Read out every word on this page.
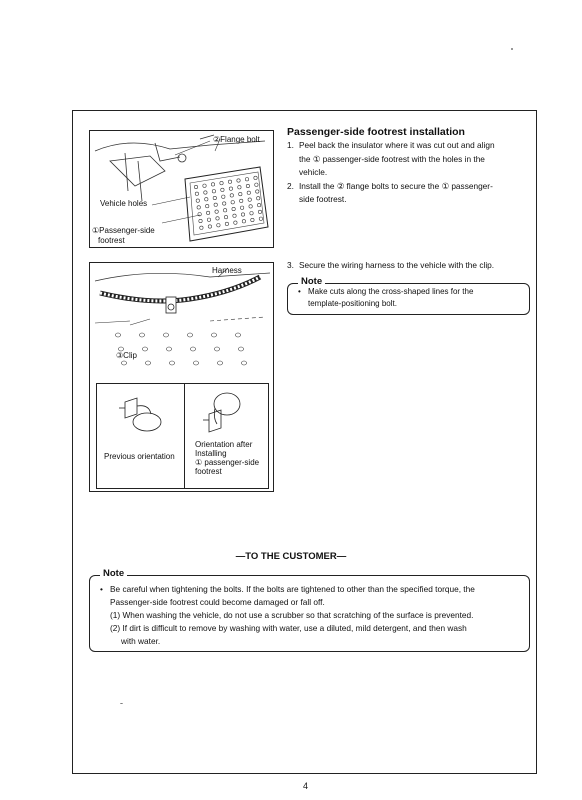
②Flange bolt
Vehicle holes
①Passenger-side
footrest
Harness
③Clip
Previous orientation
Orientation after
Installing
① passenger-side
footrest
Passenger-side footrest installation
1. Peel back the insulator where it was cut out and align
the ① passenger-side footrest with the holes in the
vehicle.
2. Install the ② flange bolts to secure the ① passenger-
side footrest.
3. Secure the wiring harness to the vehicle with the clip.
Note
• Make cuts along the cross-shaped lines for the
template-positioning bolt.
—TO THE CUSTOMER—
Note
• Be careful when tightening the bolts. If the bolts are tightened to other than the specified torque, the
Passenger-side footrest could become damaged or fall off.
(1) When washing the vehicle, do not use a scrubber so that scratching of the surface is prevented.
(2) If dirt is difficult to remove by washing with water, use a diluted, mild detergent, and then wash
with water.
4
